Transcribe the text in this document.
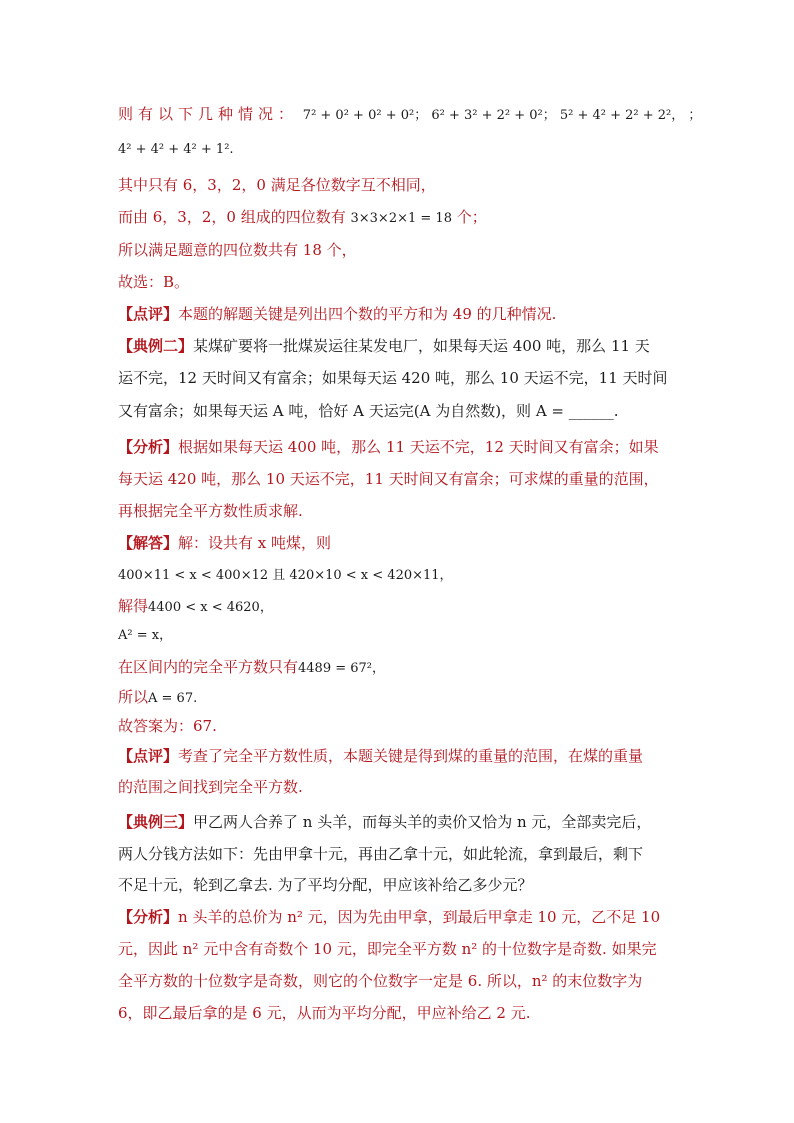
则有以下几种情况： 7² + 0² + 0² + 0²； 6² + 3² + 2² + 0²； 5² + 4² + 2² + 2²， ；
4² + 4² + 4² + 1².
其中只有 6，3，2，0 满足各位数字互不相同，
而由 6，3，2，0 组成的四位数有 3×3×2×1 = 18 个；
所以满足题意的四位数共有 18 个，
故选：B。
【点评】本题的解题关键是列出四个数的平方和为 49 的几种情况.
【典例二】某煤矿要将一批煤炭运往某发电厂，如果每天运 400 吨，那么 11 天
运不完，12 天时间又有富余；如果每天运 420 吨，那么 10 天运不完，11 天时间
又有富余；如果每天运 A 吨，恰好 A 天运完(A 为自然数)，则 A = ______.
【分析】根据如果每天运 400 吨，那么 11 天运不完，12 天时间又有富余；如果
每天运 420 吨，那么 10 天运不完，11 天时间又有富余；可求煤的重量的范围，
再根据完全平方数性质求解.
【解答】解：设共有 x 吨煤，则
400×11 < x < 400×12 且 420×10 < x < 420×11，
解得4400 < x < 4620，
A² = x，
在区间内的完全平方数只有4489 = 67²，
所以A = 67.
故答案为：67.
【点评】考查了完全平方数性质，本题关键是得到煤的重量的范围，在煤的重量
的范围之间找到完全平方数.
【典例三】甲乙两人合养了 n 头羊，而每头羊的卖价又恰为 n 元，全部卖完后，
两人分钱方法如下：先由甲拿十元，再由乙拿十元，如此轮流，拿到最后，剩下
不足十元，轮到乙拿去. 为了平均分配，甲应该补给乙多少元？
【分析】n 头羊的总价为 n² 元，因为先由甲拿，到最后甲拿走 10 元，乙不足 10
元，因此 n² 元中含有奇数个 10 元，即完全平方数 n² 的十位数字是奇数. 如果完
全平方数的十位数字是奇数，则它的个位数字一定是 6. 所以，n² 的末位数字为
6，即乙最后拿的是 6 元，从而为平均分配，甲应补给乙 2 元.
